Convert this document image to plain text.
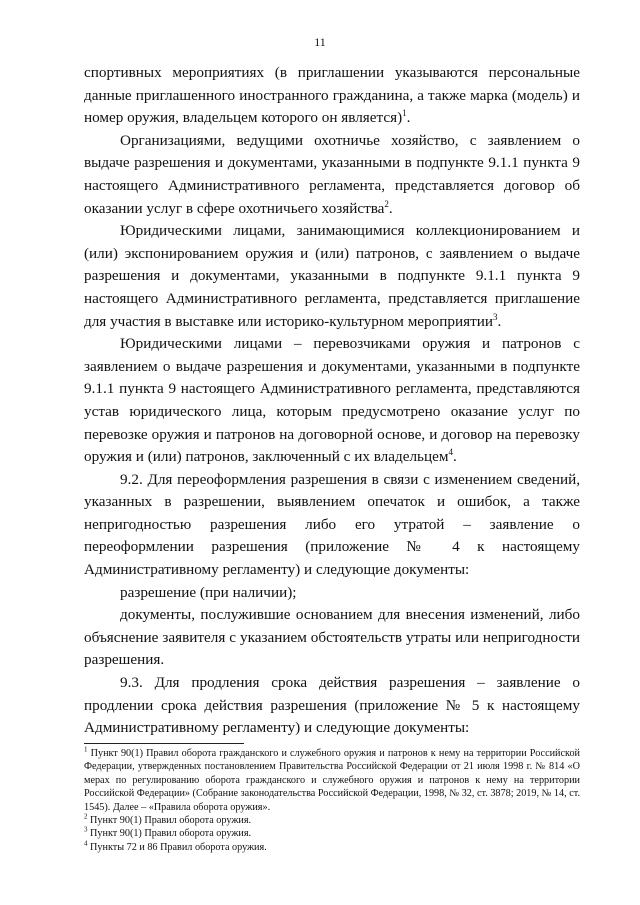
11

спортивных мероприятиях (в приглашении указываются персональные данные приглашенного иностранного гражданина, а также марка (модель) и номер оружия, владельцем которого он является)$^1$.

Организациями, ведущими охотничье хозяйство, с заявлением о выдаче разрешения и документами, указанными в подпункте 9.1.1 пункта 9 настоящего Административного регламента, представляется договор об оказании услуг в сфере охотничьего хозяйства$^2$.

Юридическими лицами, занимающимися коллекционированием и (или) экспонированием оружия и (или) патронов, с заявлением о выдаче разрешения и документами, указанными в подпункте 9.1.1 пункта 9 настоящего Административного регламента, представляется приглашение для участия в выставке или историко-культурном мероприятии$^3$.

Юридическими лицами – перевозчиками оружия и патронов с заявлением о выдаче разрешения и документами, указанными в подпункте 9.1.1 пункта 9 настоящего Административного регламента, представляются устав юридического лица, которым предусмотрено оказание услуг по перевозке оружия и патронов на договорной основе, и договор на перевозку оружия и (или) патронов, заключенный с их владельцем$^4$.

9.2. Для переоформления разрешения в связи с изменением сведений, указанных в разрешении, выявлением опечаток и ошибок, а также непригодностью разрешения либо его утратой – заявление о переоформлении разрешения (приложение № 4 к настоящему Административному регламенту) и следующие документы:

разрешение (при наличии);

документы, послужившие основанием для внесения изменений, либо объяснение заявителя с указанием обстоятельств утраты или непригодности разрешения.

9.3. Для продления срока действия разрешения – заявление о продлении срока действия разрешения (приложение № 5 к настоящему Административному регламенту) и следующие документы:

$^1$ Пункт 90(1) Правил оборота гражданского и служебного оружия и патронов к нему на территории Российской Федерации, утвержденных постановлением Правительства Российской Федерации от 21 июля 1998 г. № 814 «О мерах по регулированию оборота гражданского и служебного оружия и патронов к нему на территории Российской Федерации» (Собрание законодательства Российской Федерации, 1998, № 32, ст. 3878; 2019, № 14, ст. 1545). Далее – «Правила оборота оружия».

$^2$ Пункт 90(1) Правил оборота оружия.

$^3$ Пункт 90(1) Правил оборота оружия.

$^4$ Пункты 72 и 86 Правил оборота оружия.
